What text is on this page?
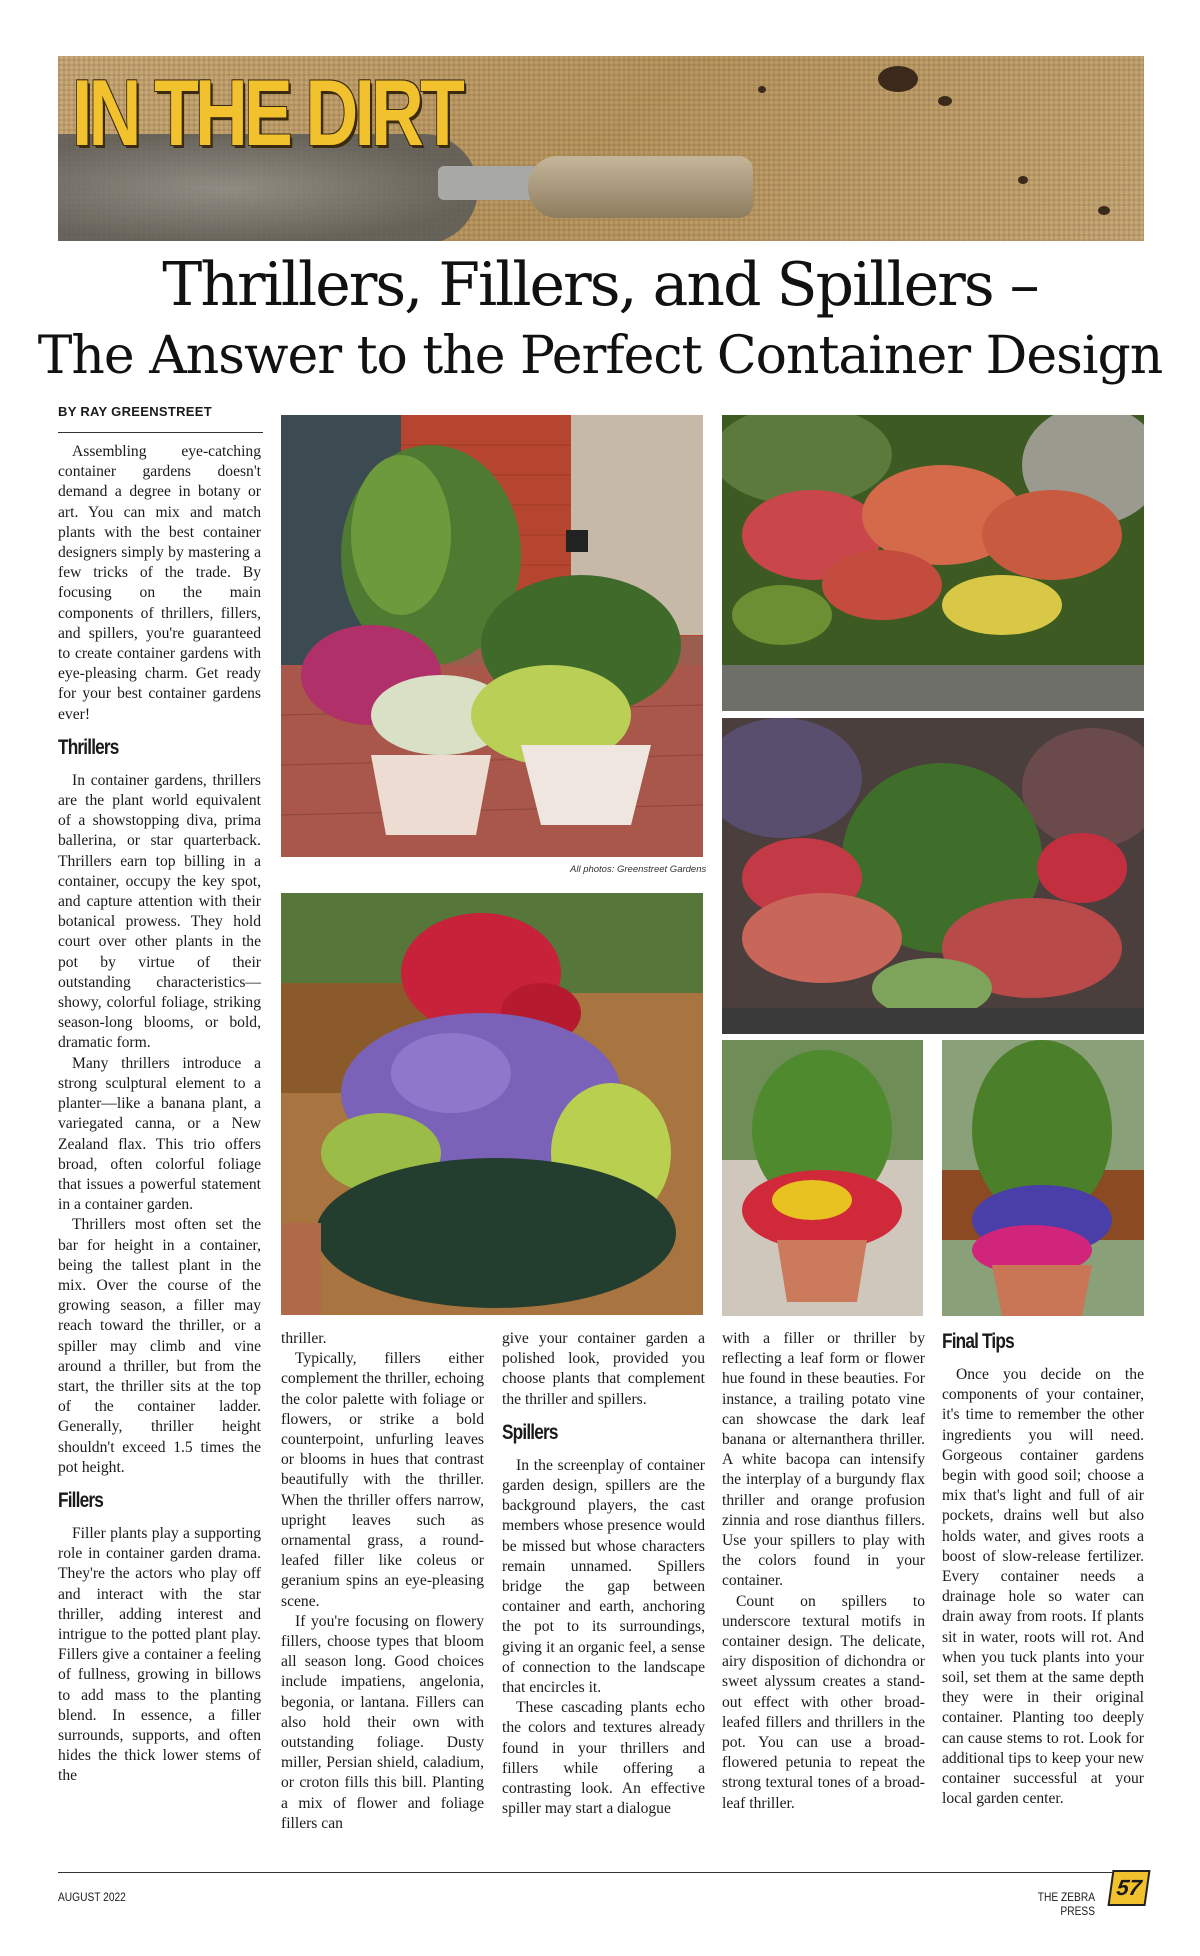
IN THE DIRT
Thrillers, Fillers, and Spillers –
The Answer to the Perfect Container Design
BY RAY GREENSTREET
All photos: Greenstreet Gardens

Assembling eye-catching container gardens doesn't demand a degree in botany or art. You can mix and match plants with the best container designers simply by mastering a few tricks of the trade. By focusing on the main components of thrillers, fillers, and spillers, you're guaranteed to create container gardens with eye-pleasing charm. Get ready for your best container gardens ever!

Thrillers

In container gardens, thrillers are the plant world equivalent of a showstopping diva, prima ballerina, or star quarterback. Thrillers earn top billing in a container, occupy the key spot, and capture attention with their botanical prowess. They hold court over other plants in the pot by virtue of their outstanding characteristics—showy, colorful foliage, striking season-long blooms, or bold, dramatic form.

Many thrillers introduce a strong sculptural element to a planter—like a banana plant, a variegated canna, or a New Zealand flax. This trio offers broad, often colorful foliage that issues a powerful statement in a container garden.

Thrillers most often set the bar for height in a container, being the tallest plant in the mix. Over the course of the growing season, a filler may reach toward the thriller, or a spiller may climb and vine around a thriller, but from the start, the thriller sits at the top of the container ladder. Generally, thriller height shouldn't exceed 1.5 times the pot height.

Fillers

Filler plants play a supporting role in container garden drama. They're the actors who play off and interact with the star thriller, adding interest and intrigue to the potted plant play. Fillers give a container a feeling of fullness, growing in billows to add mass to the planting blend. In essence, a filler surrounds, supports, and often hides the thick lower stems of the

thriller.

Typically, fillers either complement the thriller, echoing the color palette with foliage or flowers, or strike a bold counterpoint, unfurling leaves or blooms in hues that contrast beautifully with the thriller. When the thriller offers narrow, upright leaves such as ornamental grass, a round-leafed filler like coleus or geranium spins an eye-pleasing scene.

If you're focusing on flowery fillers, choose types that bloom all season long. Good choices include impatiens, angelonia, begonia, or lantana. Fillers can also hold their own with outstanding foliage. Dusty miller, Persian shield, caladium, or croton fills this bill. Planting a mix of flower and foliage fillers can

give your container garden a polished look, provided you choose plants that complement the thriller and spillers.

Spillers

In the screenplay of container garden design, spillers are the background players, the cast members whose presence would be missed but whose characters remain unnamed. Spillers bridge the gap between container and earth, anchoring the pot to its surroundings, giving it an organic feel, a sense of connection to the landscape that encircles it.

These cascading plants echo the colors and textures already found in your thrillers and fillers while offering a contrasting look. An effective spiller may start a dialogue

with a filler or thriller by reflecting a leaf form or flower hue found in these beauties. For instance, a trailing potato vine can showcase the dark leaf banana or alternanthera thriller. A white bacopa can intensify the interplay of a burgundy flax thriller and orange profusion zinnia and rose dianthus fillers. Use your spillers to play with the colors found in your container.

Count on spillers to underscore textural motifs in container design. The delicate, airy disposition of dichondra or sweet alyssum creates a stand-out effect with other broad-leafed fillers and thrillers in the pot. You can use a broad-flowered petunia to repeat the strong textural tones of a broad-leaf thriller.

Final Tips

Once you decide on the components of your container, it's time to remember the other ingredients you will need. Gorgeous container gardens begin with good soil; choose a mix that's light and full of air pockets, drains well but also holds water, and gives roots a boost of slow-release fertilizer. Every container needs a drainage hole so water can drain away from roots. If plants sit in water, roots will rot. And when you tuck plants into your soil, set them at the same depth they were in their original container. Planting too deeply can cause stems to rot. Look for additional tips to keep your new container successful at your local garden center.

AUGUST 2022	THE ZEBRA PRESS
57
